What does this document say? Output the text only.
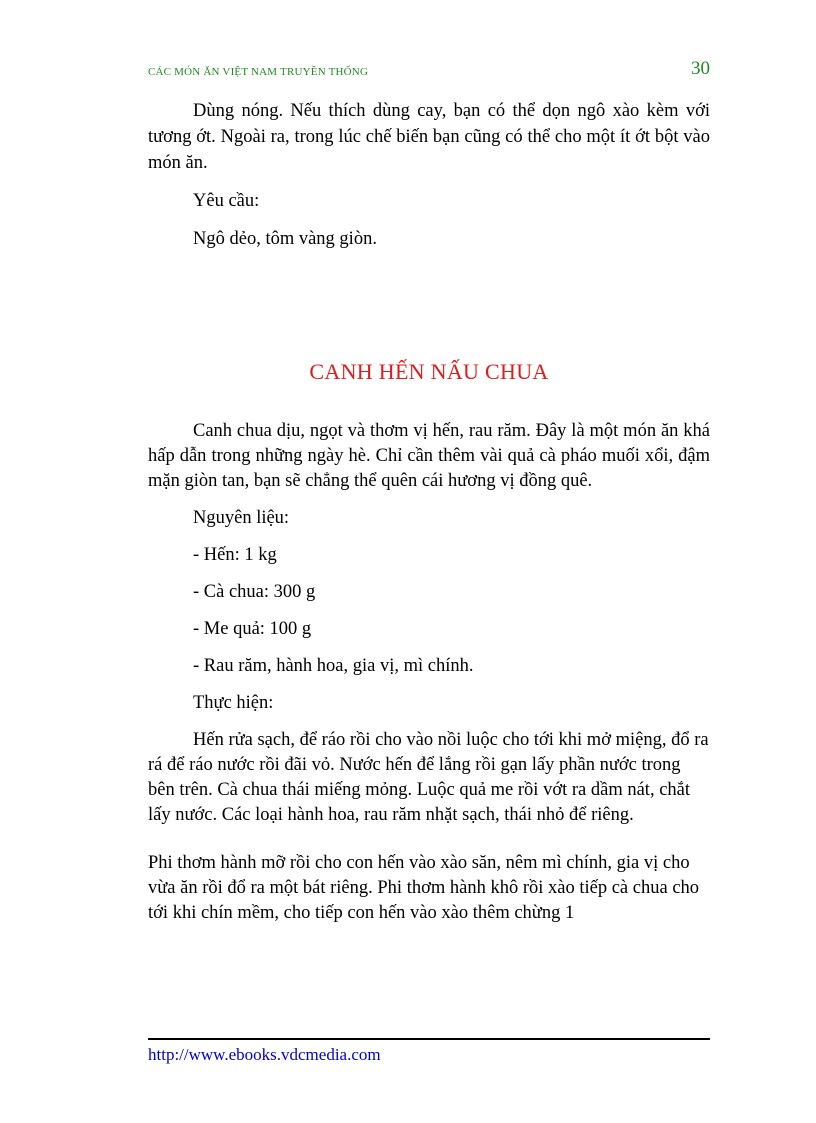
CÁC MÓN ĂN VIỆT NAM TRUYỀN THỐNG	30

Dùng nóng. Nếu thích dùng cay, bạn có thể dọn ngô xào kèm với tương ớt. Ngoài ra, trong lúc chế biến bạn cũng có thể cho một ít ớt bột vào món ăn.

Yêu cầu:

Ngô dẻo, tôm vàng giòn.

CANH HẾN NẤU CHUA

Canh chua dịu, ngọt và thơm vị hến, rau răm. Đây là một món ăn khá hấp dẫn trong những ngày hè. Chỉ cần thêm vài quả cà pháo muối xổi, đậm mặn giòn tan, bạn sẽ chẳng thể quên cái hương vị đồng quê.

Nguyên liệu:

- Hến: 1 kg

- Cà chua: 300 g

- Me quả: 100 g

- Rau răm, hành hoa, gia vị, mì chính.

Thực hiện:

Hến rửa sạch, để ráo rồi cho vào nồi luộc cho tới khi mở miệng, đổ ra rá để ráo nước rồi đãi vỏ. Nước hến để lắng rồi gạn lấy phần nước trong bên trên. Cà chua thái miếng mỏng. Luộc quả me rồi vớt ra dầm nát, chắt lấy nước. Các loại hành hoa, rau răm nhặt sạch, thái nhỏ để riêng.

Phi thơm hành mỡ rồi cho con hến vào xào săn, nêm mì chính, gia vị cho vừa ăn rồi đổ ra một bát riêng. Phi thơm hành khô rồi xào tiếp cà chua cho tới khi chín mềm, cho tiếp con hến vào xào thêm chừng 1

http://www.ebooks.vdcmedia.com
